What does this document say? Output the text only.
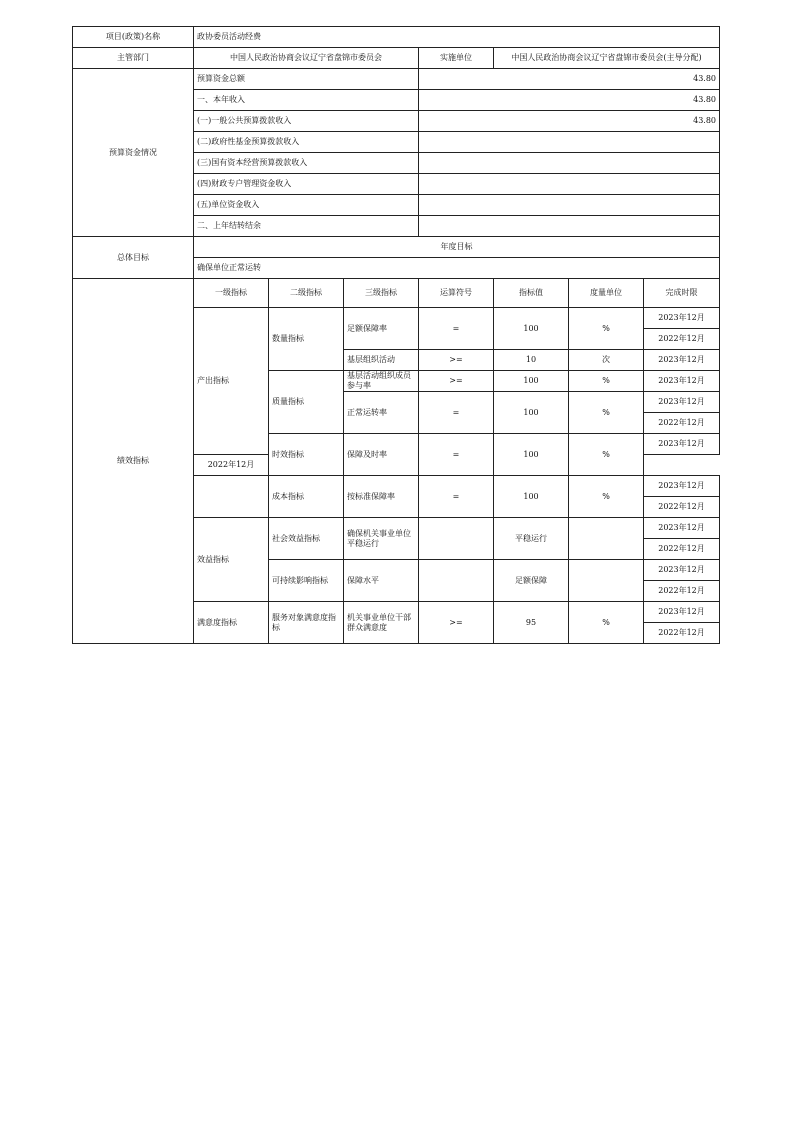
项目(政策)名称	政协委员活动经费						
主管部门	中国人民政治协商会议辽宁省盘锦市委员会			实施单位	中国人民政治协商会议辽宁省盘锦市委员会(主导分配)		
预算资金情况	预算资金总额			43.80			
	一、本年收入			43.80			
	(一)一般公共预算拨款收入			43.80			
	(二)政府性基金预算拨款收入						
	(三)国有资本经营预算拨款收入						
	(四)财政专户管理资金收入						
	(五)单位资金收入						
	二、上年结转结余						
总体目标	年度目标						
	确保单位正常运转						
绩效指标	一级指标	二级指标	三级指标	运算符号	指标值	度量单位	完成时限
	产出指标	数量指标	足额保障率	=	100	%	2023年12月
							2022年12月
			基层组织活动	>=	10	次	2023年12月
		质量指标	基层活动组织成员参与率	>=	100	%	2023年12月
			正常运转率	=	100	%	2023年12月
							2022年12月
		时效指标	保障及时率	=	100	%	2023年12月
	2022年12月						
		成本指标	按标准保障率	=	100	%	2023年12月
							2022年12月
	效益指标	社会效益指标	确保机关事业单位平稳运行		平稳运行		2023年12月
							2022年12月
		可持续影响指标	保障水平		足额保障		2023年12月
							2022年12月
	满意度指标	服务对象满意度指标	机关事业单位干部群众满意度	>=	95	%	2023年12月
							2022年12月
